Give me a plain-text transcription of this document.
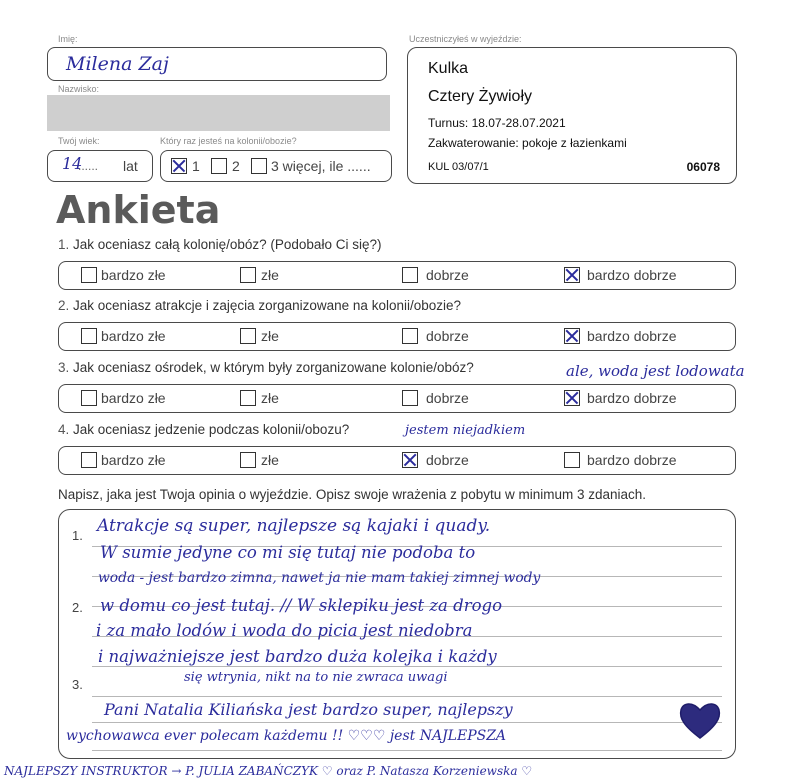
Imię:
Milena Zaj
Nazwisko:
Twój wiek:
14
...... lat
Który raz jesteś na kolonii/obozie?
1 2 3 więcej, ile ......
Uczestniczyłeś w wyjeździe:
Kulka
Cztery Żywioły
Turnus: 18.07-28.07.2021
Zakwaterowanie: pokoje z łazienkami
KUL 03/07/1	06078
Ankieta
1. Jak oceniasz całą kolonię/obóz? (Podobało Ci się?)
bardzo złe	złe	dobrze	bardzo dobrze
2. Jak oceniasz atrakcje i zajęcia zorganizowane na kolonii/obozie?
bardzo złe	złe	dobrze	bardzo dobrze
3. Jak oceniasz ośrodek, w którym były zorganizowane kolonie/obóz?	ale, woda jest lodowata
bardzo złe	złe	dobrze	bardzo dobrze
4. Jak oceniasz jedzenie podczas kolonii/obozu?	jestem niejadkiem
bardzo złe	złe	dobrze	bardzo dobrze
Napisz, jaka jest Twoja opinia o wyjeździe. Opisz swoje wrażenia z pobytu w minimum 3 zdaniach.
1.
2.
3.
Atrakcje są super, najlepsze są kajaki i quady.
W sumie jedyne co mi się tutaj nie podoba to
woda - jest bardzo zimna, nawet ja nie mam takiej zimnej wody
w domu co jest tutaj. // W sklepiku jest za drogo
i za mało lodów i woda do picia jest niedobra
i najważniejsze jest bardzo duża kolejka i każdy
się wtrynia, nikt na to nie zwraca uwagi
Pani Natalia Kiliańska jest bardzo super, najlepszy
wychowawca ever polecam każdemu !! ♡♡♡ jest NAJLEPSZA
NAJLEPSZY INSTRUKTOR → P. JULIA ZABAŃCZYK ♡ oraz P. Natasza Korzeniewska ♡
